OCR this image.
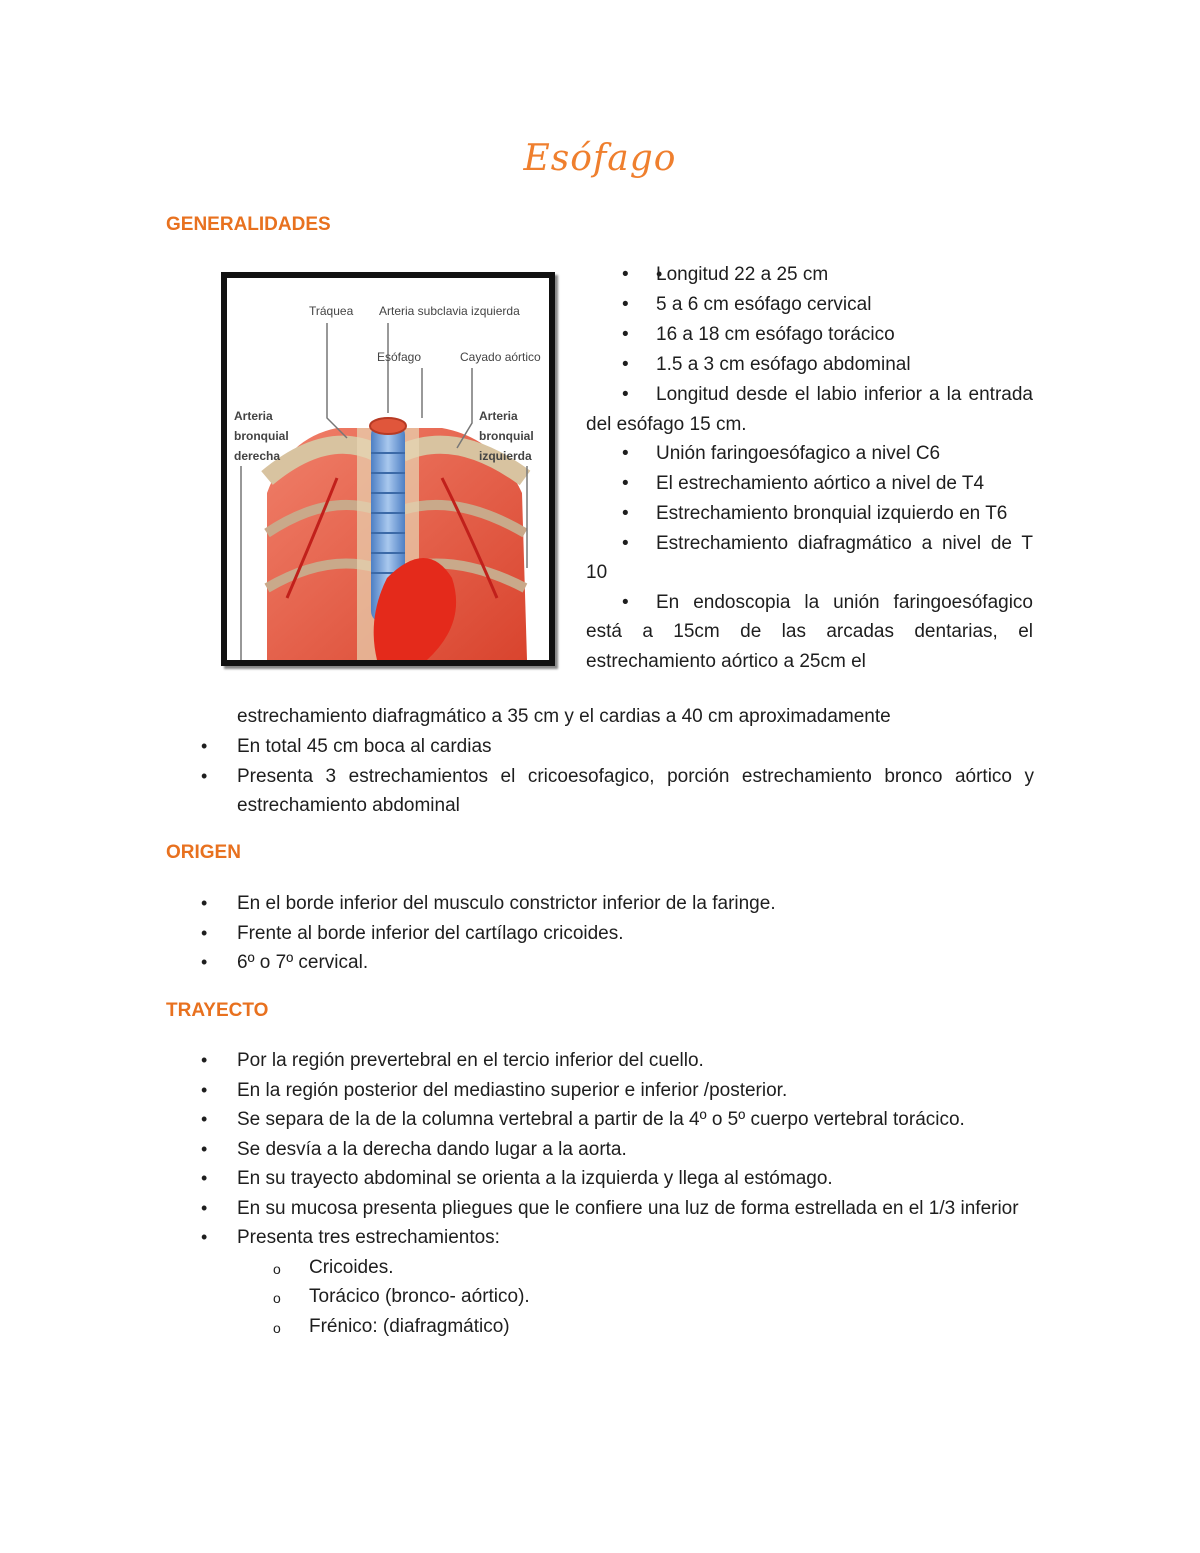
Esófago
GENERALIDADES
Tráquea Arteria subclavia izquierda
Esófago	Cayado aórtico
Arteria bronquial derecha
Arteria bronquial izquierda
• • Longitud 22 a 25 cm
• 5 a 6 cm esófago cervical
• 16 a 18 cm esófago torácico
• 1.5 a 3 cm esófago abdominal
• Longitud desde el labio inferior a la entrada del esófago 15 cm.
• Unión faringoesófagico a nivel C6
• El estrechamiento aórtico a nivel de T4
• Estrechamiento bronquial izquierdo en T6
• Estrechamiento diafragmático a nivel de T 10
• En endoscopia la unión faringoesófagico está a 15cm de las arcadas dentarias, el estrechamiento aórtico a 25cm el
estrechamiento diafragmático a 35 cm y el cardias a 40 cm aproximadamente
• En total 45 cm boca al cardias
• Presenta 3 estrechamientos el cricoesofagico, porción estrechamiento bronco aórtico y estrechamiento abdominal
ORIGEN
• En el borde inferior del musculo constrictor inferior de la faringe.
• Frente al borde inferior del cartílago cricoides.
• 6º o 7º cervical.
TRAYECTO
• Por la región prevertebral en el tercio inferior del cuello.
• En la región posterior del mediastino superior e inferior /posterior.
• Se separa de la de la columna vertebral a partir de la 4º o 5º cuerpo vertebral torácico.
• Se desvía a la derecha dando lugar a la aorta.
• En su trayecto abdominal se orienta a la izquierda y llega al estómago.
• En su mucosa presenta pliegues que le confiere una luz de forma estrellada en el 1/3 inferior
• Presenta tres estrechamientos:
o Cricoides.
o Torácico (bronco- aórtico).
o Frénico: (diafragmático)
